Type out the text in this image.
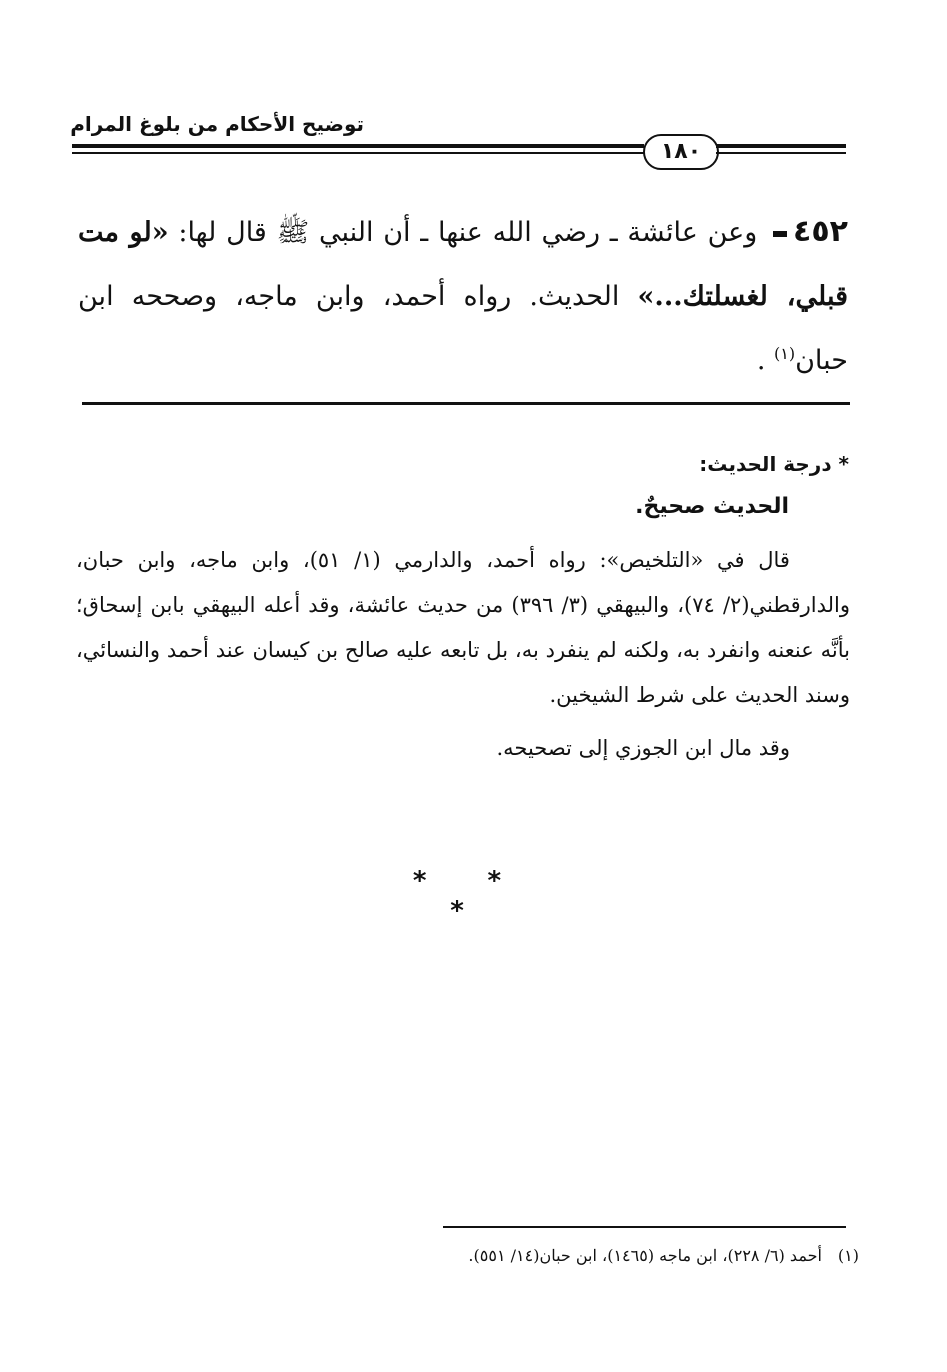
توضيح الأحكام من بلوغ المرام
١٨٠
٤٥٢ وعن عائشة ـ رضي الله عنها ـ أن النبي ﷺ قال لها: «لو مت قبلي، لغسلتك...» الحديث. رواه أحمد، وابن ماجه، وصححه ابن حبان$^{(١)}$ .
* درجة الحديث:
الحديث صحيحٌ.
قال في «التلخيص»: رواه أحمد، والدارمي (١/ ٥١)، وابن ماجه، وابن حبان، والدارقطني(٢/ ٧٤)، والبيهقي (٣/ ٣٩٦) من حديث عائشة، وقد أعله البيهقي بابن إسحاق؛ بأنَّه عنعنه وانفرد به، ولكنه لم ينفرد به، بل تابعه عليه صالح بن كيسان عند أحمد والنسائي، وسند الحديث على شرط الشيخين.
وقد مال ابن الجوزي إلى تصحيحه.
* * *
(١)أحمد (٦/ ٢٢٨)، ابن ماجه (١٤٦٥)، ابن حبان(١٤/ ٥٥١).
